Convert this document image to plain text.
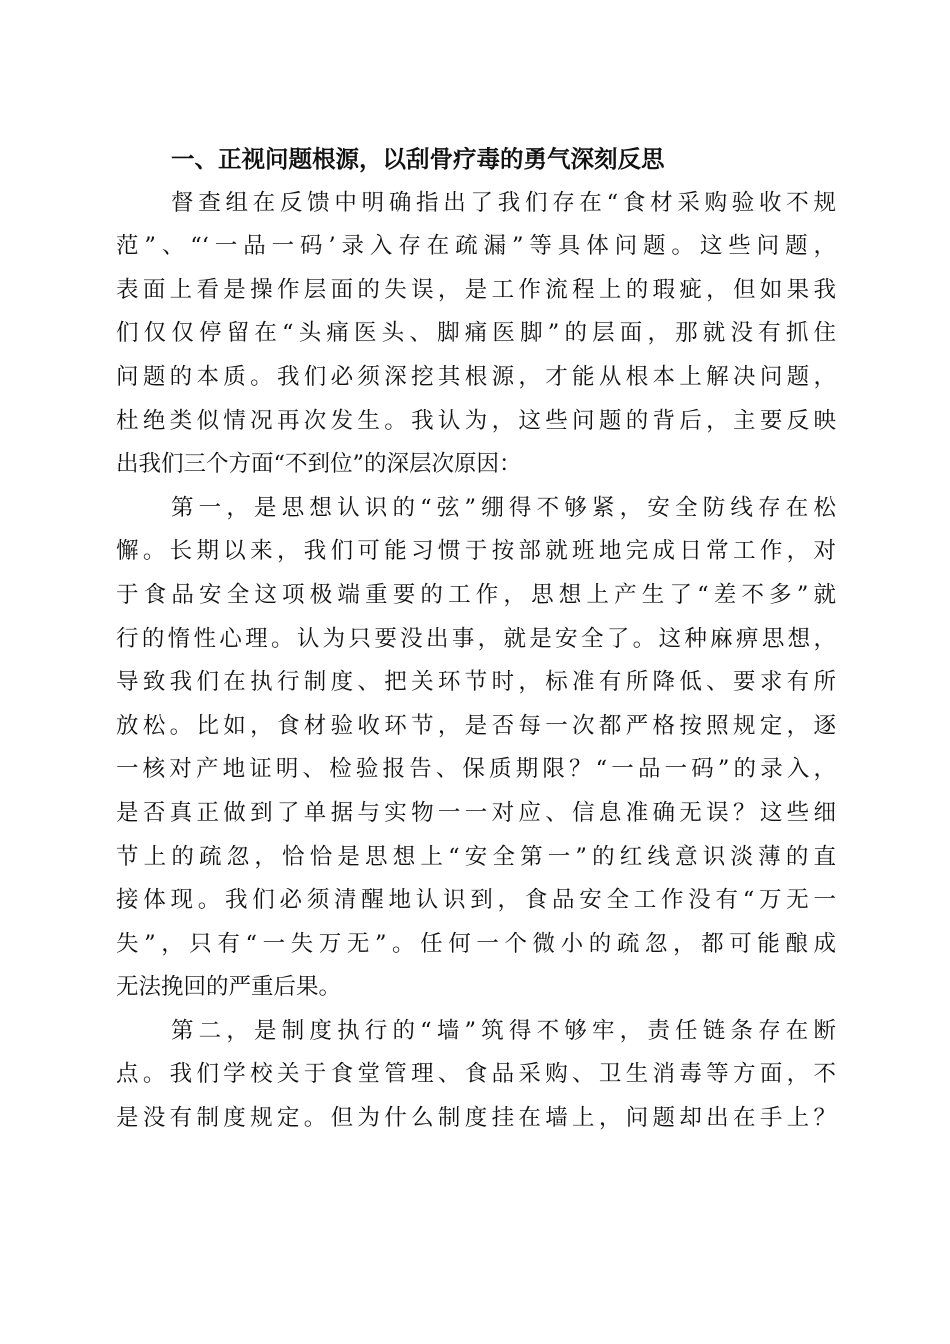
一、正视问题根源，以刮骨疗毒的勇气深刻反思
督查组在反馈中明确指出了我们存在“食材采购验收不规
范”、“‘一品一码’录入存在疏漏”等具体问题。这些问题，
表面上看是操作层面的失误，是工作流程上的瑕疵，但如果我
们仅仅停留在“头痛医头、脚痛医脚”的层面，那就没有抓住
问题的本质。我们必须深挖其根源，才能从根本上解决问题，
杜绝类似情况再次发生。我认为，这些问题的背后，主要反映
出我们三个方面“不到位”的深层次原因：
第一，是思想认识的“弦”绷得不够紧，安全防线存在松
懈。长期以来，我们可能习惯于按部就班地完成日常工作，对
于食品安全这项极端重要的工作，思想上产生了“差不多”就
行的惰性心理。认为只要没出事，就是安全了。这种麻痹思想，
导致我们在执行制度、把关环节时，标准有所降低、要求有所
放松。比如，食材验收环节，是否每一次都严格按照规定，逐
一核对产地证明、检验报告、保质期限？“一品一码”的录入，
是否真正做到了单据与实物一一对应、信息准确无误？这些细
节上的疏忽，恰恰是思想上“安全第一”的红线意识淡薄的直
接体现。我们必须清醒地认识到，食品安全工作没有“万无一
失”，只有“一失万无”。任何一个微小的疏忽，都可能酿成
无法挽回的严重后果。
第二，是制度执行的“墙”筑得不够牢，责任链条存在断
点。我们学校关于食堂管理、食品采购、卫生消毒等方面，不
是没有制度规定。但为什么制度挂在墙上，问题却出在手上？
